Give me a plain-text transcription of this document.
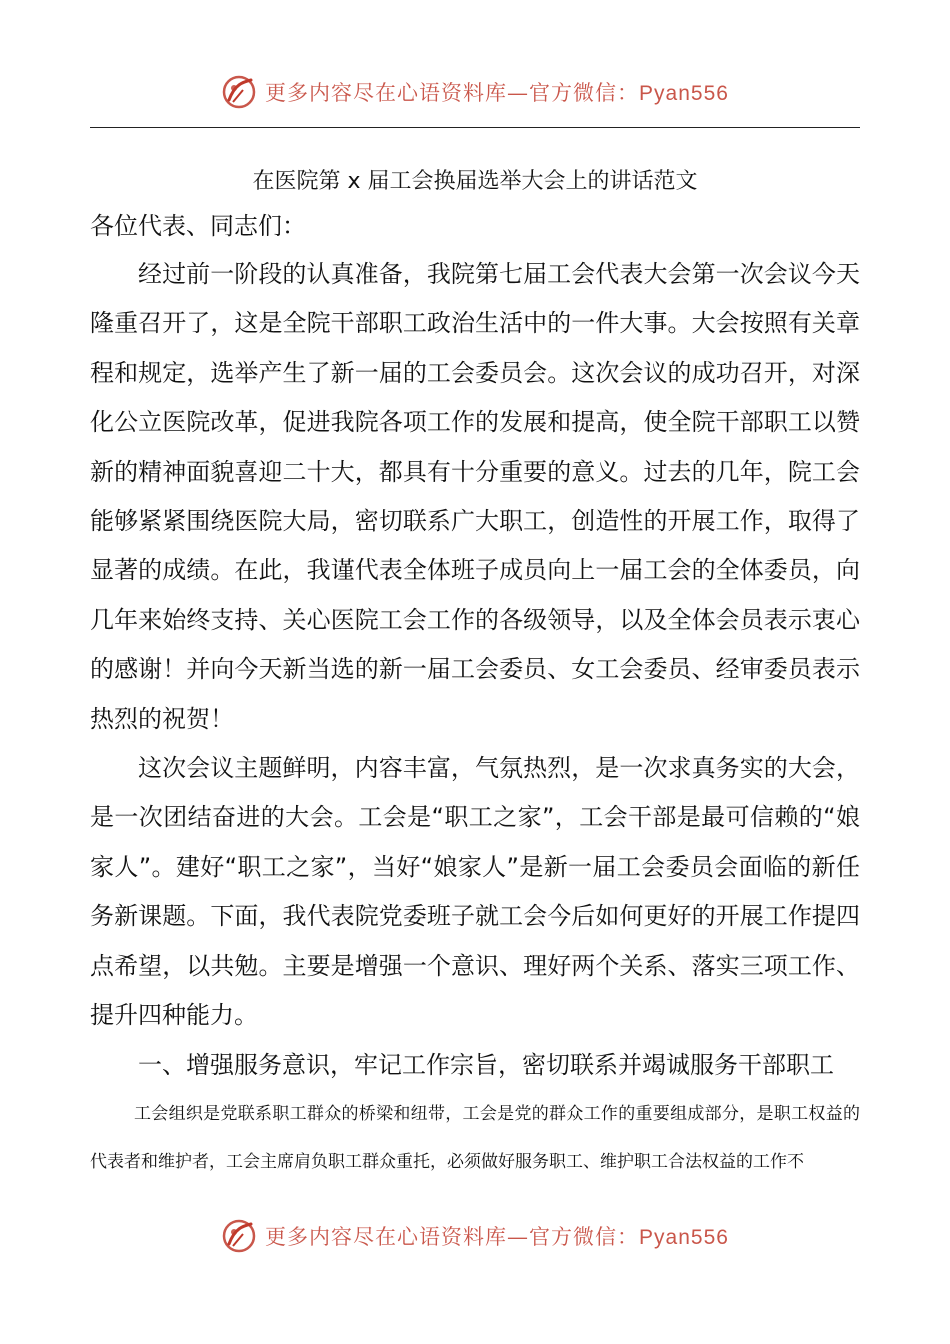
更多内容尽在心语资料库—官方微信：Pyan556
在医院第 x 届工会换届选举大会上的讲话范文

各位代表、同志们：

经过前一阶段的认真准备，我院第七届工会代表大会第一次会议今天隆重召开了，这是全院干部职工政治生活中的一件大事。大会按照有关章程和规定，选举产生了新一届的工会委员会。这次会议的成功召开，对深化公立医院改革，促进我院各项工作的发展和提高，使全院干部职工以赞新的精神面貌喜迎二十大，都具有十分重要的意义。过去的几年，院工会能够紧紧围绕医院大局，密切联系广大职工，创造性的开展工作，取得了显著的成绩。在此，我谨代表全体班子成员向上一届工会的全体委员，向几年来始终支持、关心医院工会工作的各级领导，以及全体会员表示衷心的感谢！并向今天新当选的新一届工会委员、女工会委员、经审委员表示热烈的祝贺！

这次会议主题鲜明，内容丰富，气氛热烈，是一次求真务实的大会，是一次团结奋进的大会。工会是“职工之家”，工会干部是最可信赖的“娘家人”。建好“职工之家”，当好“娘家人”是新一届工会委员会面临的新任务新课题。下面，我代表院党委班子就工会今后如何更好的开展工作提四点希望，以共勉。主要是增强一个意识、理好两个关系、落实三项工作、提升四种能力。

一、增强服务意识，牢记工作宗旨，密切联系并竭诚服务干部职工

工会组织是党联系职工群众的桥梁和纽带，工会是党的群众工作的重要组成部分，是职工权益的代表者和维护者，工会主席肩负职工群众重托，必须做好服务职工、维护职工合法权益的工作不

更多内容尽在心语资料库—官方微信：Pyan556
